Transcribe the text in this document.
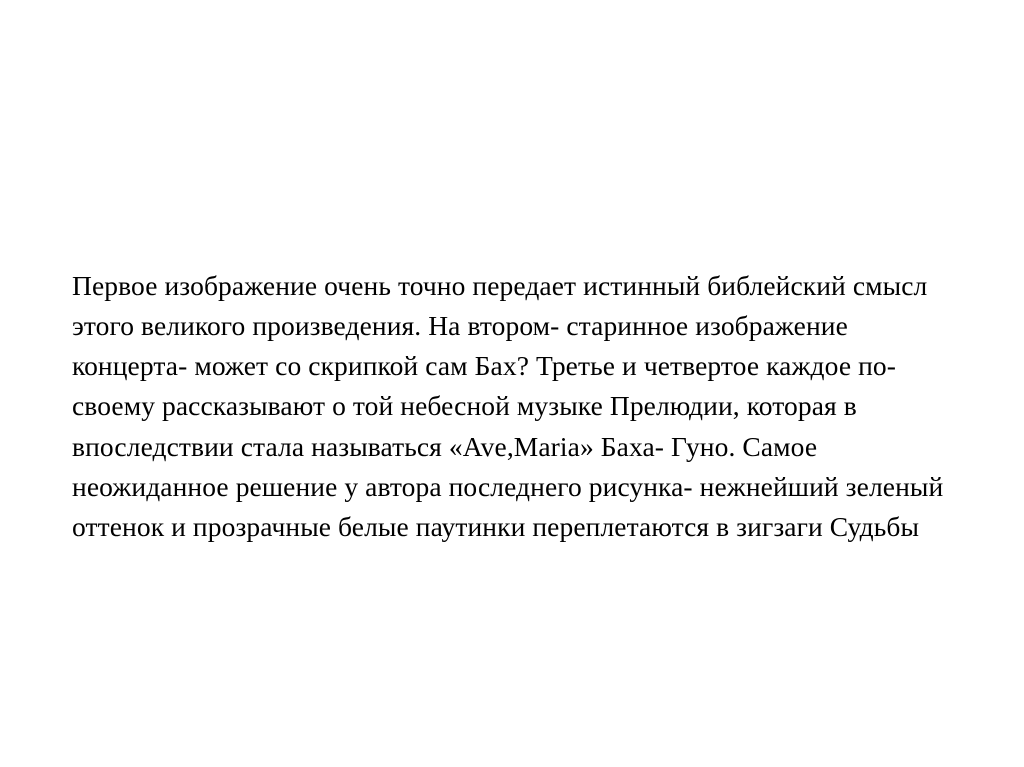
Первое изображение очень точно передает истинный библейский смысл этого великого произведения. На втором- старинное изображение концерта- может со скрипкой сам Бах? Третье и четвертое каждое по- своему рассказывают о той небесной музыке Прелюдии, которая в впоследствии стала называться «Ave,Maria» Баха- Гуно. Самое неожиданное решение у автора последнего рисунка- нежнейший зеленый оттенок и прозрачные белые паутинки переплетаются в зигзаги Судьбы
